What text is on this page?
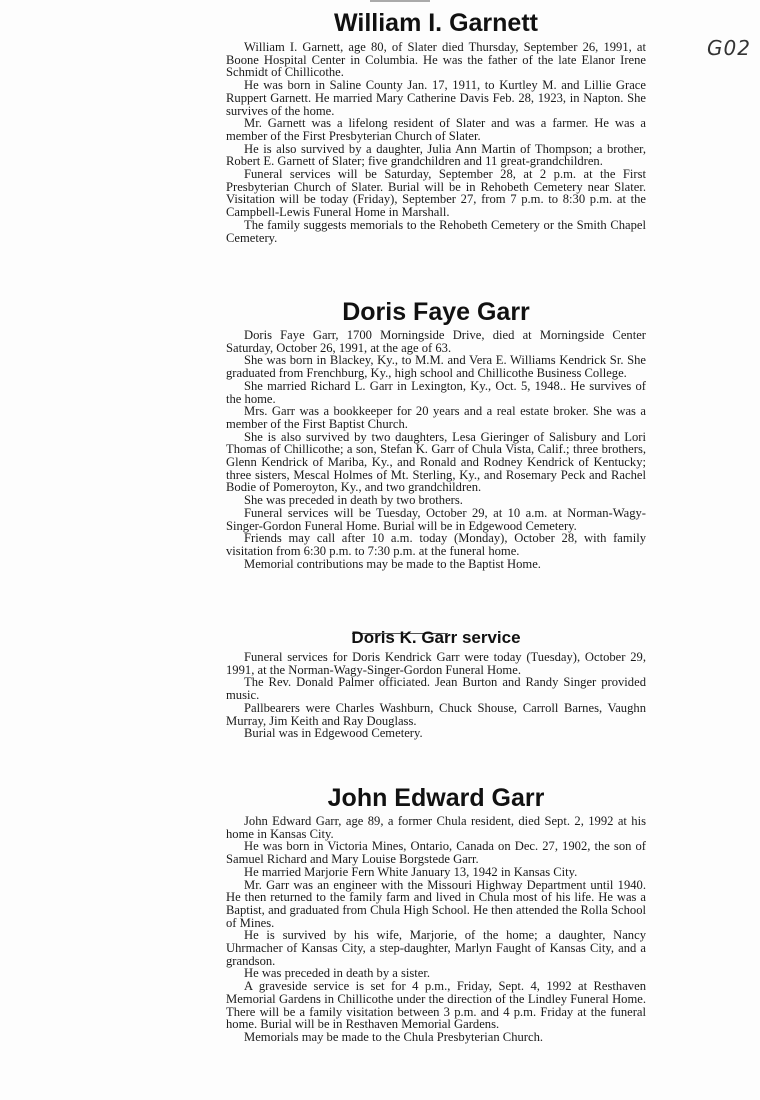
G02
William I. Garnett

William I. Garnett, age 80, of Slater died Thursday, September 26, 1991, at Boone Hospital Center in Columbia. He was the father of the late Elanor Irene Schmidt of Chillicothe.

He was born in Saline County Jan. 17, 1911, to Kurtley M. and Lillie Grace Ruppert Garnett. He married Mary Catherine Davis Feb. 28, 1923, in Napton. She survives of the home.

Mr. Garnett was a lifelong resident of Slater and was a farmer. He was a member of the First Presbyterian Church of Slater.

He is also survived by a daughter, Julia Ann Martin of Thompson; a brother, Robert E. Garnett of Slater; five grandchildren and 11 great-grandchildren.

Funeral services will be Saturday, September 28, at 2 p.m. at the First Presbyterian Church of Slater. Burial will be in Rehobeth Cemetery near Slater. Visitation will be today (Friday), September 27, from 7 p.m. to 8:30 p.m. at the Campbell-Lewis Funeral Home in Marshall.

The family suggests memorials to the Rehobeth Cemetery or the Smith Chapel Cemetery.

Doris Faye Garr

Doris Faye Garr, 1700 Morningside Drive, died at Morningside Center Saturday, October 26, 1991, at the age of 63.

She was born in Blackey, Ky., to M.M. and Vera E. Williams Kendrick Sr. She graduated from Frenchburg, Ky., high school and Chillicothe Business College.

She married Richard L. Garr in Lexington, Ky., Oct. 5, 1948.. He survives of the home.

Mrs. Garr was a bookkeeper for 20 years and a real estate broker. She was a member of the First Baptist Church.

She is also survived by two daughters, Lesa Gieringer of Salisbury and Lori Thomas of Chillicothe; a son, Stefan K. Garr of Chula Vista, Calif.; three brothers, Glenn Kendrick of Mariba, Ky., and Ronald and Rodney Kendrick of Kentucky; three sisters, Mescal Holmes of Mt. Sterling, Ky., and Rosemary Peck and Rachel Bodie of Pomeroyton, Ky., and two grandchildren.

She was preceded in death by two brothers.

Funeral services will be Tuesday, October 29, at 10 a.m. at Norman-Wagy-Singer-Gordon Funeral Home. Burial will be in Edgewood Cemetery.

Friends may call after 10 a.m. today (Monday), October 28, with family visitation from 6:30 p.m. to 7:30 p.m. at the funeral home.

Memorial contributions may be made to the Baptist Home.

Doris K. Garr service

Funeral services for Doris Kendrick Garr were today (Tuesday), October 29, 1991, at the Norman-Wagy-Singer-Gordon Funeral Home.

The Rev. Donald Palmer officiated. Jean Burton and Randy Singer provided music.

Pallbearers were Charles Washburn, Chuck Shouse, Carroll Barnes, Vaughn Murray, Jim Keith and Ray Douglass.

Burial was in Edgewood Cemetery.

John Edward Garr

John Edward Garr, age 89, a former Chula resident, died Sept. 2, 1992 at his home in Kansas City.

He was born in Victoria Mines, Ontario, Canada on Dec. 27, 1902, the son of Samuel Richard and Mary Louise Borgstede Garr.

He married Marjorie Fern White January 13, 1942 in Kansas City.

Mr. Garr was an engineer with the Missouri Highway Department until 1940. He then returned to the family farm and lived in Chula most of his life. He was a Baptist, and graduated from Chula High School. He then attended the Rolla School of Mines.

He is survived by his wife, Marjorie, of the home; a daughter, Nancy Uhrmacher of Kansas City, a step-daughter, Marlyn Faught of Kansas City, and a grandson.

He was preceded in death by a sister.

A graveside service is set for 4 p.m., Friday, Sept. 4, 1992 at Resthaven Memorial Gardens in Chillicothe under the direction of the Lindley Funeral Home. There will be a family visitation between 3 p.m. and 4 p.m. Friday at the funeral home. Burial will be in Resthaven Memorial Gardens.

Memorials may be made to the Chula Presbyterian Church.
